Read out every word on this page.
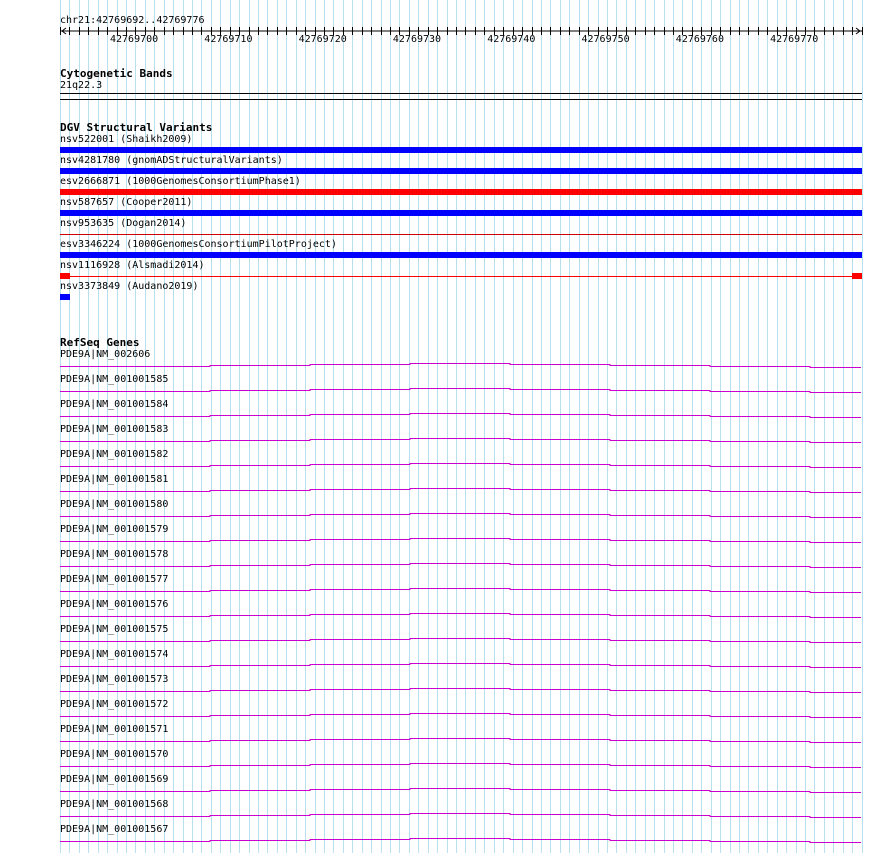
chr21:42769692..42769776
42769700	42769710	42769720	42769730	42769740	42769750	42769760	42769770
Cytogenetic Bands
21q22.3
DGV Structural Variants
nsv522001 (Shaikh2009)
nsv4281780 (gnomADStructuralVariants)
esv2666871 (1000GenomesConsortiumPhase1)
nsv587657 (Cooper2011)
nsv953635 (Dogan2014)
esv3346224 (1000GenomesConsortiumPilotProject)
nsv1116928 (Alsmadi2014)
nsv3373849 (Audano2019)
RefSeq Genes
PDE9A|NM_002606
PDE9A|NM_001001585
PDE9A|NM_001001584
PDE9A|NM_001001583
PDE9A|NM_001001582
PDE9A|NM_001001581
PDE9A|NM_001001580
PDE9A|NM_001001579
PDE9A|NM_001001578
PDE9A|NM_001001577
PDE9A|NM_001001576
PDE9A|NM_001001575
PDE9A|NM_001001574
PDE9A|NM_001001573
PDE9A|NM_001001572
PDE9A|NM_001001571
PDE9A|NM_001001570
PDE9A|NM_001001569
PDE9A|NM_001001568
PDE9A|NM_001001567
